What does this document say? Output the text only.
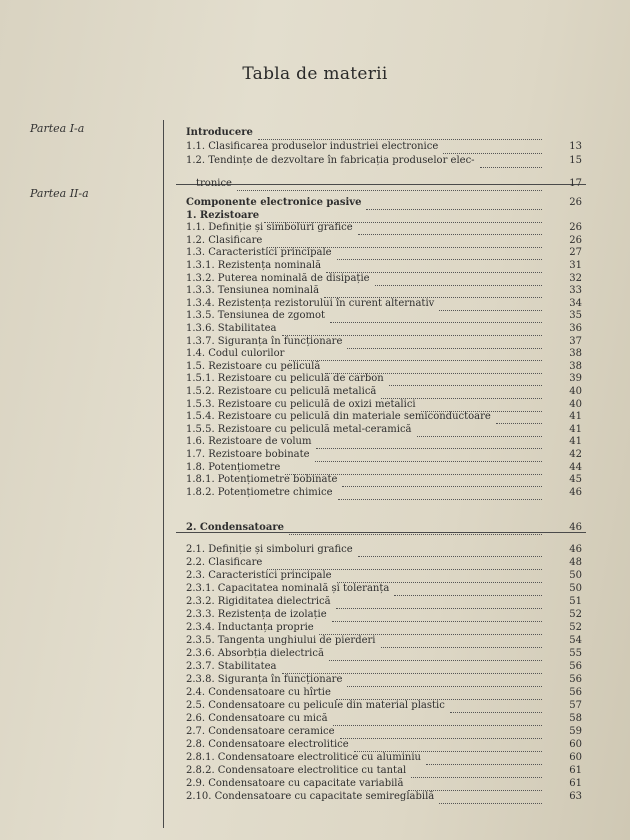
Tabla de materii
Partea I-a
Partea II-a
Introducere
1.1. Clasificarea produselor industriei electronice	13
1.2. Tendințe de dezvoltare în fabricația produselor elec-	15
tronice	17
Componente electronice pasive	26
1. Rezistoare
1.1. Definiție și simboluri grafice	26
1.2. Clasificare	26
1.3. Caracteristici principale	27
1.3.1. Rezistența nominală	31
1.3.2. Puterea nominală de disipație	32
1.3.3. Tensiunea nominală	33
1.3.4. Rezistența rezistorului în curent alternativ	34
1.3.5. Tensiunea de zgomot	35
1.3.6. Stabilitatea	36
1.3.7. Siguranța în funcționare	37
1.4. Codul culorilor	38
1.5. Rezistoare cu peliculă	38
1.5.1. Rezistoare cu peliculă de carbon	39
1.5.2. Rezistoare cu peliculă metalică	40
1.5.3. Rezistoare cu peliculă de oxizi metalici	40
1.5.4. Rezistoare cu peliculă din materiale semiconductoare	41
1.5.5. Rezistoare cu peliculă metal-ceramică	41
1.6. Rezistoare de volum	41
1.7. Rezistoare bobinate	42
1.8. Potențiometre	44
1.8.1. Potențiometre bobinate	45
1.8.2. Potențiometre chimice	46
2. Condensatoare	46
2.1. Definiție și simboluri grafice	46
2.2. Clasificare	48
2.3. Caracteristici principale	50
2.3.1. Capacitatea nominală și toleranța	50
2.3.2. Rigiditatea dielectrică	51
2.3.3. Rezistența de izolație	52
2.3.4. Inductanța proprie	52
2.3.5. Tangenta unghiului de pierderi	54
2.3.6. Absorbția dielectrică	55
2.3.7. Stabilitatea	56
2.3.8. Siguranța în funcționare	56
2.4. Condensatoare cu hîrtie	56
2.5. Condensatoare cu pelicule din material plastic	57
2.6. Condensatoare cu mică	58
2.7. Condensatoare ceramice	59
2.8. Condensatoare electrolitice	60
2.8.1. Condensatoare electrolitice cu aluminiu	60
2.8.2. Condensatoare electrolitice cu tantal	61
2.9. Condensatoare cu capacitate variabilă	61
2.10. Condensatoare cu capacitate semireglabilă	63
